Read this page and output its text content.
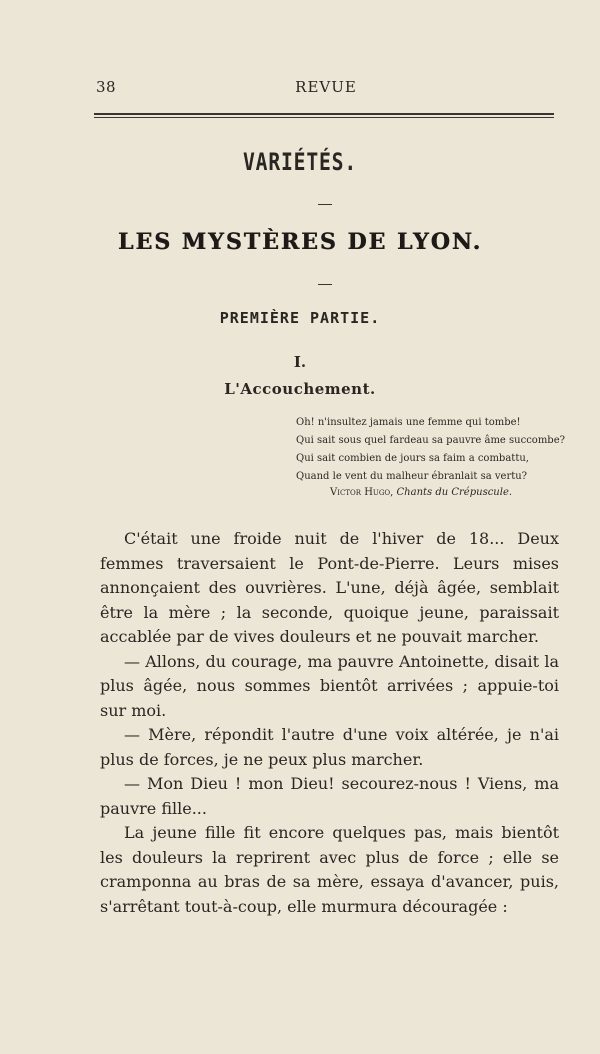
38	REVUE
VARIÉTÉS.
LES MYSTÈRES DE LYON.
PREMIÈRE PARTIE.
I.
L'Accouchement.
Oh! n'insultez jamais une femme qui tombe!
Qui sait sous quel fardeau sa pauvre âme succombe?
Qui sait combien de jours sa faim a combattu,
Quand le vent du malheur ébranlait sa vertu?
Victor Hugo, Chants du Crépuscule.

C'était une froide nuit de l'hiver de 18... Deux femmes traversaient le Pont-de-Pierre. Leurs mises annonçaient des ouvrières. L'une, déjà âgée, semblait être la mère ; la seconde, quoique jeune, paraissait accablée par de vives douleurs et ne pouvait marcher.

— Allons, du courage, ma pauvre Antoinette, disait la plus âgée, nous sommes bientôt arrivées ; appuie-toi sur moi.

— Mère, répondit l'autre d'une voix altérée, je n'ai plus de forces, je ne peux plus marcher.

— Mon Dieu ! mon Dieu! secourez-nous ! Viens, ma pauvre fille...

La jeune fille fit encore quelques pas, mais bientôt les douleurs la reprirent avec plus de force ; elle se cramponna au bras de sa mère, essaya d'avancer, puis, s'arrêtant tout-à-coup, elle murmura découragée :
